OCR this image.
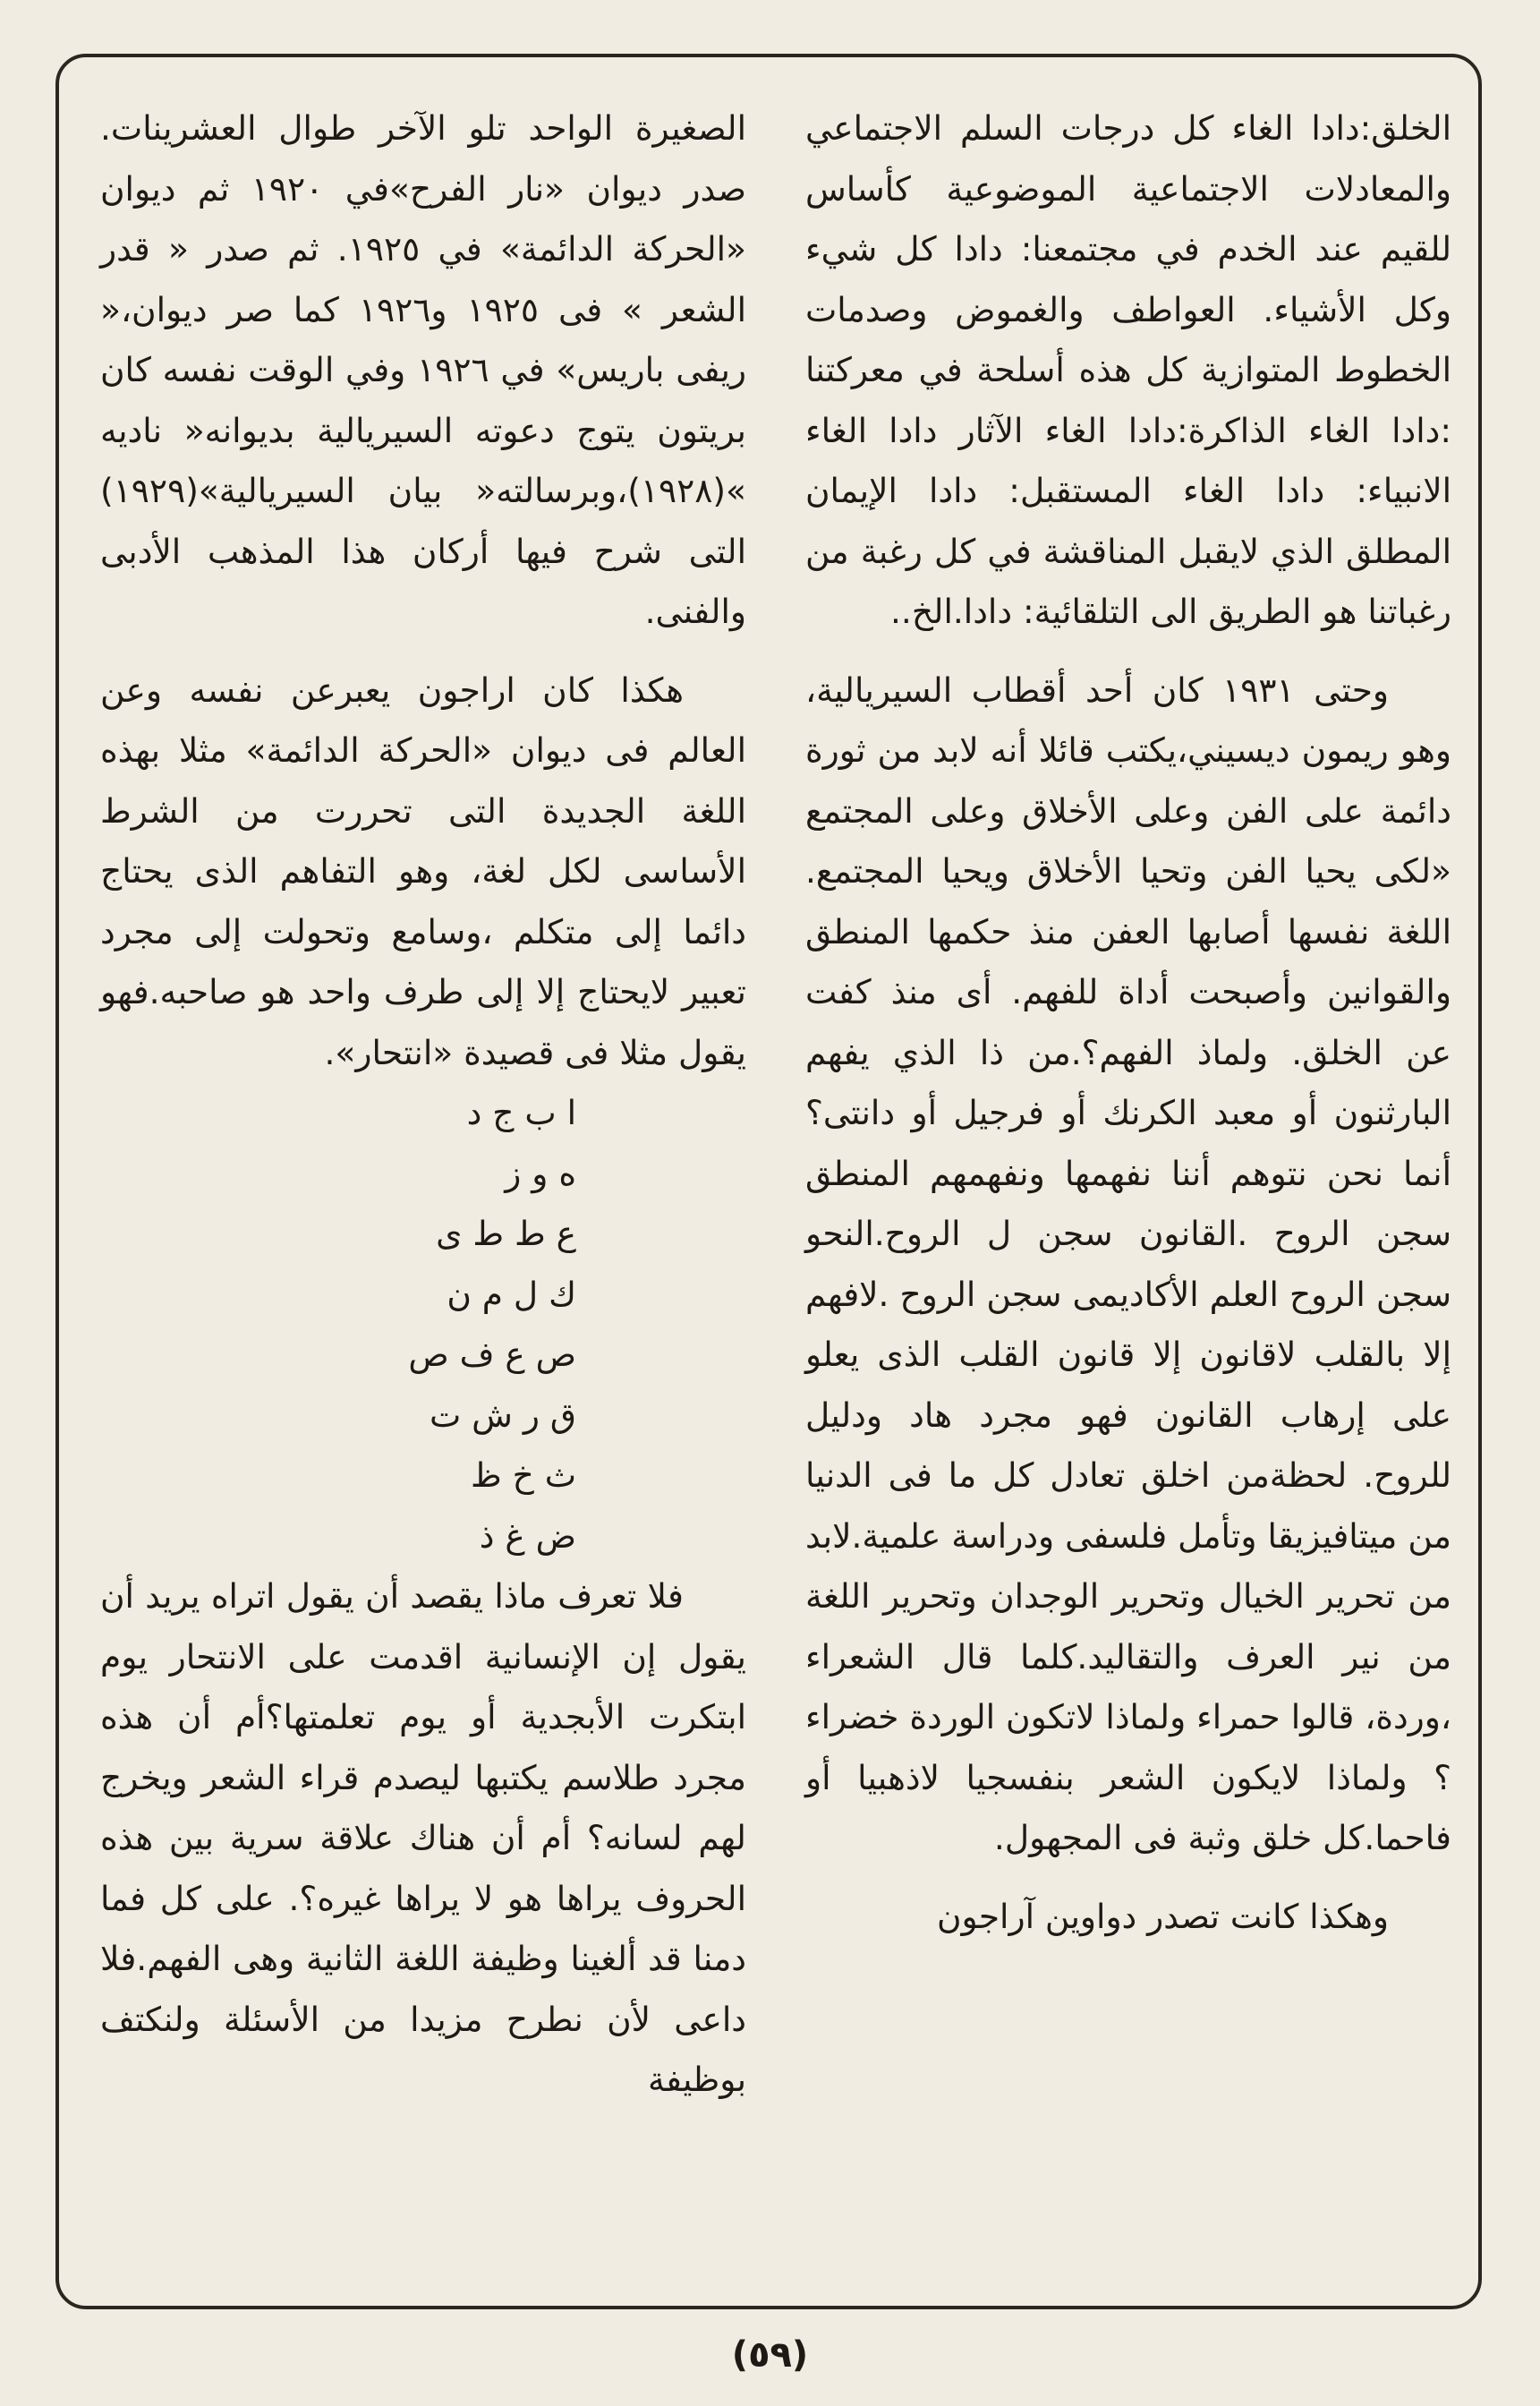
الخلق:دادا الغاء كل درجات السلم الاجتماعي والمعادلات الاجتماعية الموضوعية كأساس للقيم عند الخدم في مجتمعنا: دادا كل شيء وكل الأشياء. العواطف والغموض وصدمات الخطوط المتوازية كل هذه أسلحة في معركتنا :دادا الغاء الذاكرة:دادا الغاء الآثار دادا الغاء الانبياء: دادا الغاء المستقبل: دادا الإيمان المطلق الذي لايقبل المناقشة في كل رغبة من رغباتنا هو الطريق الى التلقائية: دادا.الخ..

وحتى ١٩٣١ كان أحد أقطاب السيريالية، وهو ريمون ديسيني،يكتب قائلا أنه لابد من ثورة دائمة على الفن وعلى الأخلاق وعلى المجتمع «لكى يحيا الفن وتحيا الأخلاق ويحيا المجتمع. اللغة نفسها أصابها العفن منذ حكمها المنطق والقوانين وأصبحت أداة للفهم. أى منذ كفت عن الخلق. ولماذ الفهم؟.من ذا الذي يفهم البارثنون أو معبد الكرنك أو فرجيل أو دانتى؟ أنما نحن نتوهم أننا نفهمها ونفهمهم المنطق سجن الروح .القانون سجن ل الروح.النحو سجن الروح العلم الأكاديمى سجن الروح .لافهم إلا بالقلب لاقانون إلا قانون القلب الذى يعلو على إرهاب القانون فهو مجرد هاد ودليل للروح. لحظةمن اخلق تعادل كل ما فى الدنيا من ميتافيزيقا وتأمل فلسفى ودراسة علمية.لابد من تحرير الخيال وتحرير الوجدان وتحرير اللغة من نير العرف والتقاليد.كلما قال الشعراء ،وردة، قالوا حمراء ولماذا لاتكون الوردة خضراء ؟ ولماذا لايكون الشعر بنفسجيا لاذهبيا أو فاحما.كل خلق وثبة فى المجهول.

وهكذا كانت تصدر دواوين آراجون

الصغيرة الواحد تلو الآخر طوال العشرينات. صدر ديوان «نار الفرح»في ١٩٢٠ ثم ديوان «الحركة الدائمة» في ١٩٢٥. ثم صدر « قدر الشعر » فى ١٩٢٥ و١٩٢٦ كما صر ديوان،« ريفى باريس» في ١٩٢٦ وفي الوقت نفسه كان بريتون يتوج دعوته السيريالية بديوانه« ناديه »(١٩٢٨)،وبرسالته« بيان السيريالية»(١٩٢٩) التى شرح فيها أركان هذا المذهب الأدبى والفنى.

هكذا كان اراجون يعبرعن نفسه وعن العالم فى ديوان «الحركة الدائمة» مثلا بهذه اللغة الجديدة التى تحررت من الشرط الأساسى لكل لغة، وهو التفاهم الذى يحتاج دائما إلى متكلم ،وسامع وتحولت إلى مجرد تعبير لايحتاج إلا إلى طرف واحد هو صاحبه.فهو يقول مثلا فى قصيدة «انتحار».

ا ب ج د
ه و ز
ع ط ط ى
ك ل م ن
ص ع ف ص
ق ر ش ت
ث خ ظ
ض غ ذ

فلا تعرف ماذا يقصد أن يقول اتراه يريد أن يقول إن الإنسانية اقدمت على الانتحار يوم ابتكرت الأبجدية أو يوم تعلمتها؟أم أن هذه مجرد طلاسم يكتبها ليصدم قراء الشعر ويخرج لهم لسانه؟ أم أن هناك علاقة سرية بين هذه الحروف يراها هو لا يراها غيره؟. على كل فما دمنا قد ألغينا وظيفة اللغة الثانية وهى الفهم.فلا داعى لأن نطرح مزيدا من الأسئلة ولنكتف بوظيفة

(٥٩)
